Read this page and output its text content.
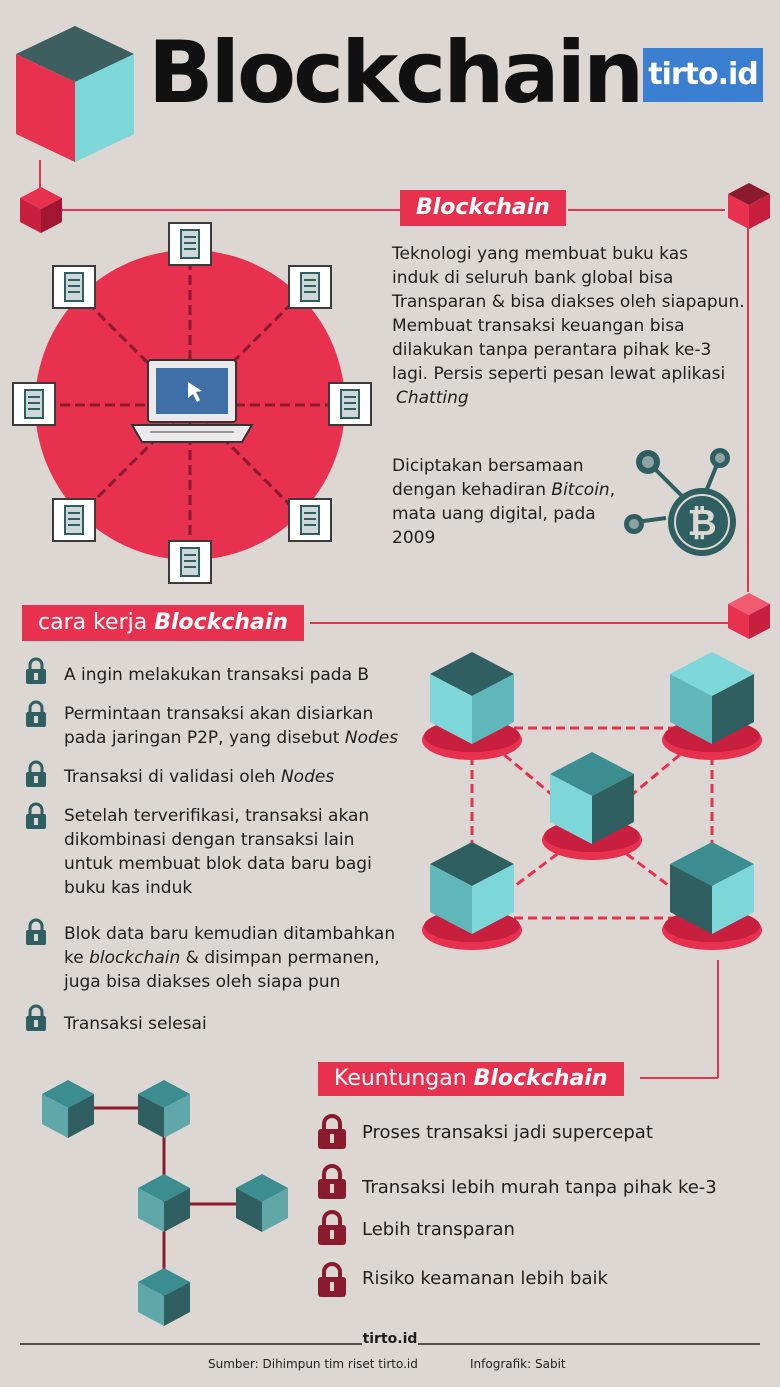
Blockchain tirto.id
Blockchain
Teknologi yang membuat buku kas
induk di seluruh bank global bisa
Transparan & bisa diakses oleh siapapun.
Membuat transaksi keuangan bisa
dilakukan tanpa perantara pihak ke-3
lagi. Persis seperti pesan lewat aplikasi
Chatting
Diciptakan bersamaan
dengan kehadiran Bitcoin,
mata uang digital, pada
2009	₿
cara kerja Blockchain
A ingin melakukan transaksi pada B
Permintaan transaksi akan disiarkan
pada jaringan P2P, yang disebut Nodes
Transaksi di validasi oleh Nodes
Setelah terverifikasi, transaksi akan
dikombinasi dengan transaksi lain
untuk membuat blok data baru bagi
buku kas induk
Blok data baru kemudian ditambahkan
ke blockchain & disimpan permanen,
juga bisa diakses oleh siapa pun
Transaksi selesai
Keuntungan Blockchain
Proses transaksi jadi supercepat
Transaksi lebih murah tanpa pihak ke-3
Lebih transparan
Risiko keamanan lebih baik
tirto.id
Sumber: Dihimpun tim riset tirto.id	Infografik: Sabit
